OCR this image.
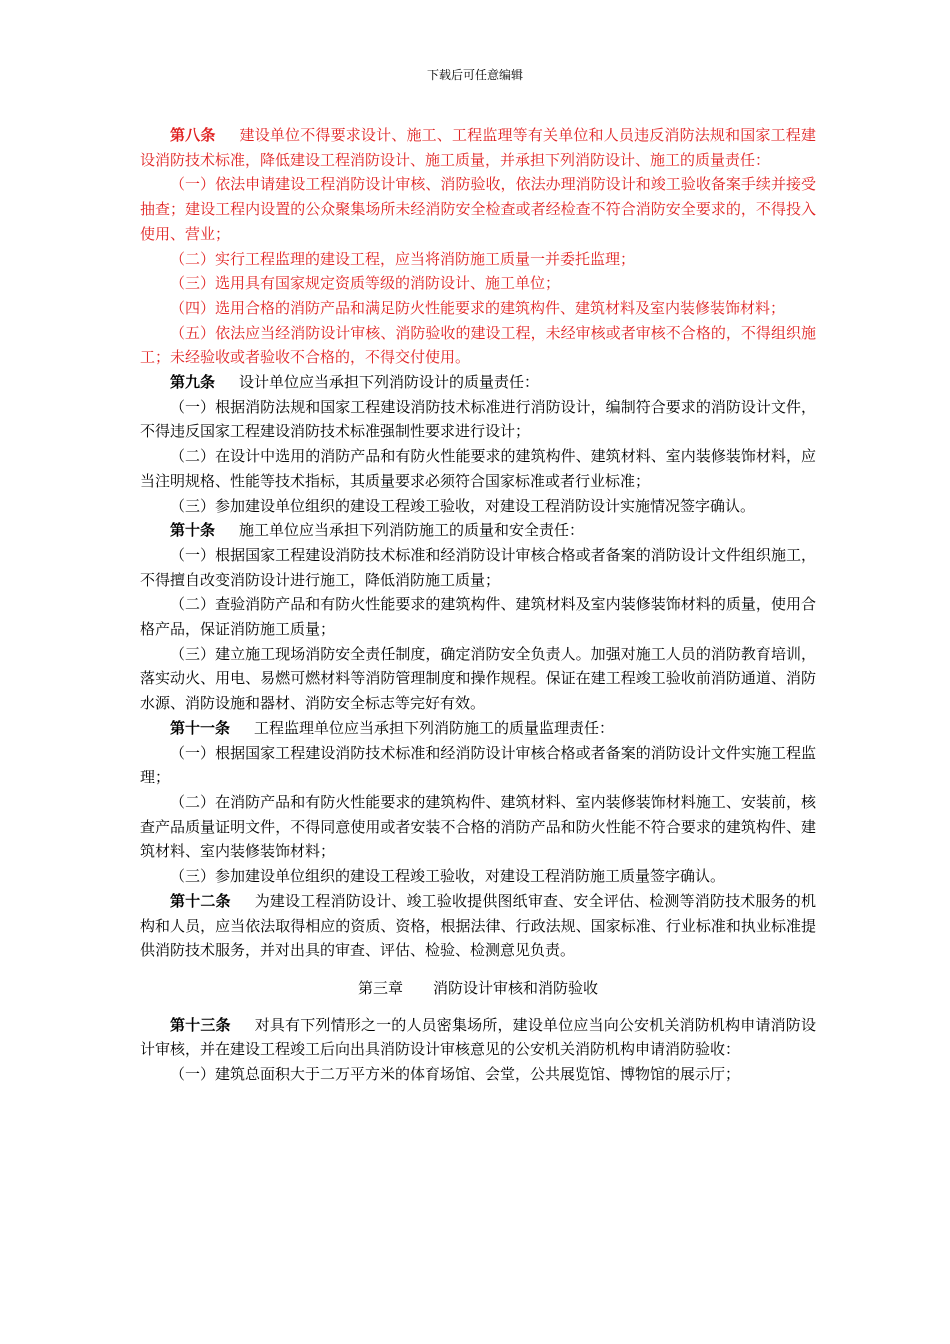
下载后可任意编辑

第八条 建设单位不得要求设计、施工、工程监理等有关单位和人员违反消防法规和国家工程建设消防技术标准，降低建设工程消防设计、施工质量，并承担下列消防设计、施工的质量责任：

（一）依法申请建设工程消防设计审核、消防验收，依法办理消防设计和竣工验收备案手续并接受抽查；建设工程内设置的公众聚集场所未经消防安全检查或者经检查不符合消防安全要求的，不得投入使用、营业；

（二）实行工程监理的建设工程，应当将消防施工质量一并委托监理；

（三）选用具有国家规定资质等级的消防设计、施工单位；

（四）选用合格的消防产品和满足防火性能要求的建筑构件、建筑材料及室内装修装饰材料；

（五）依法应当经消防设计审核、消防验收的建设工程，未经审核或者审核不合格的，不得组织施工；未经验收或者验收不合格的，不得交付使用。

第九条 设计单位应当承担下列消防设计的质量责任：

（一）根据消防法规和国家工程建设消防技术标准进行消防设计，编制符合要求的消防设计文件，不得违反国家工程建设消防技术标准强制性要求进行设计；

（二）在设计中选用的消防产品和有防火性能要求的建筑构件、建筑材料、室内装修装饰材料，应当注明规格、性能等技术指标，其质量要求必须符合国家标准或者行业标准；

（三）参加建设单位组织的建设工程竣工验收，对建设工程消防设计实施情况签字确认。

第十条 施工单位应当承担下列消防施工的质量和安全责任：

（一）根据国家工程建设消防技术标准和经消防设计审核合格或者备案的消防设计文件组织施工，不得擅自改变消防设计进行施工，降低消防施工质量；

（二）查验消防产品和有防火性能要求的建筑构件、建筑材料及室内装修装饰材料的质量，使用合格产品，保证消防施工质量；

（三）建立施工现场消防安全责任制度，确定消防安全负责人。加强对施工人员的消防教育培训，落实动火、用电、易燃可燃材料等消防管理制度和操作规程。保证在建工程竣工验收前消防通道、消防水源、消防设施和器材、消防安全标志等完好有效。

第十一条 工程监理单位应当承担下列消防施工的质量监理责任：

（一）根据国家工程建设消防技术标准和经消防设计审核合格或者备案的消防设计文件实施工程监理；

（二）在消防产品和有防火性能要求的建筑构件、建筑材料、室内装修装饰材料施工、安装前，核查产品质量证明文件，不得同意使用或者安装不合格的消防产品和防火性能不符合要求的建筑构件、建筑材料、室内装修装饰材料；

（三）参加建设单位组织的建设工程竣工验收，对建设工程消防施工质量签字确认。

第十二条 为建设工程消防设计、竣工验收提供图纸审查、安全评估、检测等消防技术服务的机构和人员，应当依法取得相应的资质、资格，根据法律、行政法规、国家标准、行业标准和执业标准提供消防技术服务，并对出具的审查、评估、检验、检测意见负责。

第三章 消防设计审核和消防验收

第十三条 对具有下列情形之一的人员密集场所，建设单位应当向公安机关消防机构申请消防设计审核，并在建设工程竣工后向出具消防设计审核意见的公安机关消防机构申请消防验收：

（一）建筑总面积大于二万平方米的体育场馆、会堂，公共展览馆、博物馆的展示厅；
